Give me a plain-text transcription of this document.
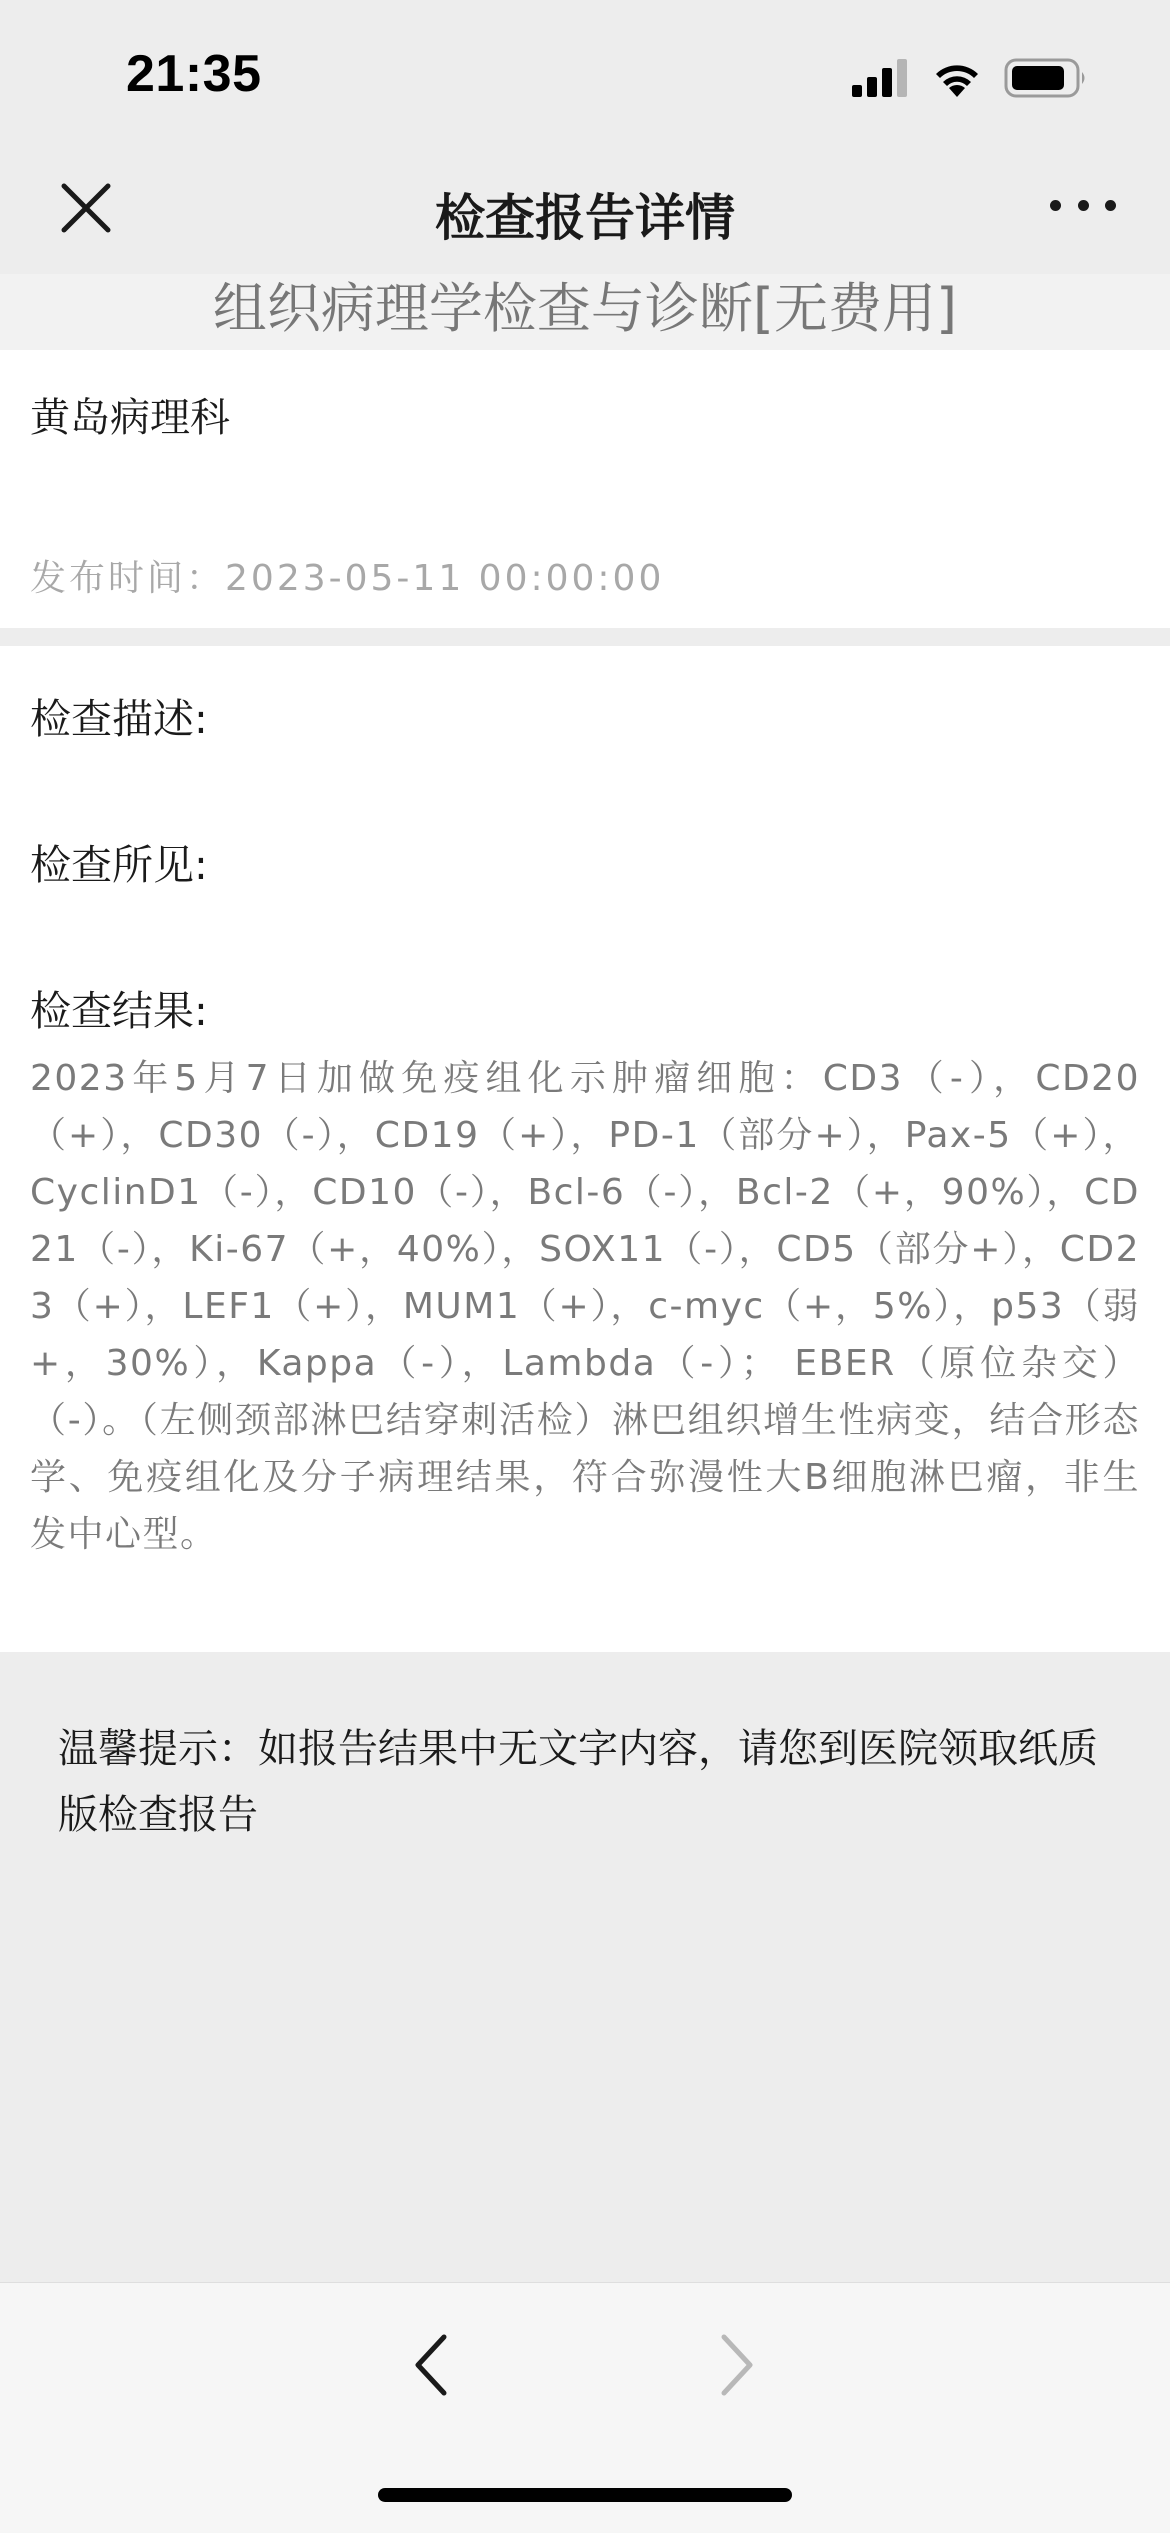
21:35
检查报告详情
组织病理学检查与诊断[无费用]
黄岛病理科
发布时间：2023-05-11 00:00:00
检查描述:
检查所见:
检查结果:
2023年5月7日加做免疫组化示肿瘤细胞：CD3（-），CD20（+），CD30（-），CD19（+），PD-1（部分+），Pax-5（+），CyclinD1（-），CD10（-），Bcl-6（-），Bcl-2（+，90%），CD21（-），Ki-67（+，40%），SOX11（-），CD5（部分+），CD23（+），LEF1（+），MUM1（+），c-myc（+，5%），p53（弱+，30%），Kappa（-），Lambda（-）； EBER（原位杂交）（-）。（左侧颈部淋巴结穿刺活检）淋巴组织增生性病变，结合形态学、免疫组化及分子病理结果，符合弥漫性大B细胞淋巴瘤，非生发中心型。
温馨提示：如报告结果中无文字内容，请您到医院领取纸质版检查报告
